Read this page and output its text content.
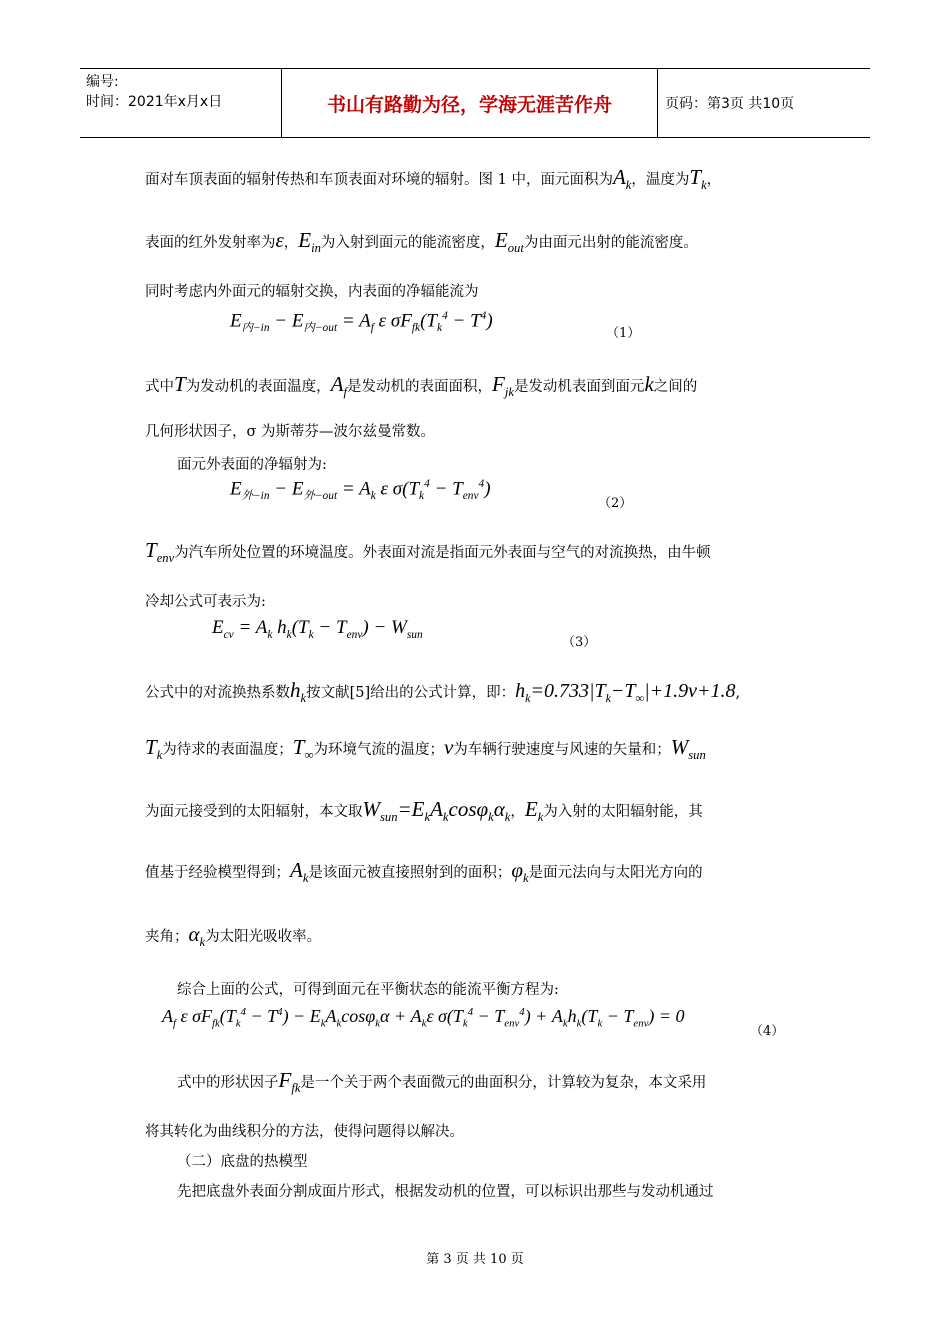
编号:
时间：2021年x月x日	书山有路勤为径，学海无涯苦作舟	页码：第3页 共10页
面对车顶表面的辐射传热和车顶表面对环境的辐射。图 1 中，面元面积为$A_k$，温度为$T_k$，
表面的红外发射率为ε，$E_{in}$为入射到面元的能流密度，$E_{out}$为由面元出射的能流密度。
同时考虑内外面元的辐射交换，内表面的净辐能流为
$E_{内-in} - E_{内-out} = A_f$ ε $\sigma F_{fk}(T_k^4 - T^4)$
（1）
式中T为发动机的表面温度，$A_f$是发动机的表面面积，$F_{jk}$是发动机表面到面元k之间的
几何形状因子，σ 为斯蒂芬—波尔兹曼常数。
面元外表面的净辐射为:
$E_{外-in} - E_{外-out} = A_k$ ε $\sigma(T_k^4 - T_{env}^4)$
（2）
$T_{env}$为汽车所处位置的环境温度。外表面对流是指面元外表面与空气的对流换热，由牛顿
冷却公式可表示为:
$E_{cv} = A_k$ $h_k(T_k - T_{env}) - W_{sun}$
（3）
公式中的对流换热系数$h_k$按文献[5]给出的公式计算，即：$h_k=0.733|T_k-T_\infty|+1.9v+1.8$,
$T_k$为待求的表面温度；$T_\infty$为环境气流的温度；v为车辆行驶速度与风速的矢量和；$W_{sun}$
为面元接受到的太阳辐射，本文取$W_{sun}=E_kA_k\cos\varphi_k\alpha_k$，$E_k$为入射的太阳辐射能，其
值基于经验模型得到；$A_k$是该面元被直接照射到的面积；$\varphi_k$是面元法向与太阳光方向的
夹角；$\alpha_k$为太阳光吸收率。
综合上面的公式，可得到面元在平衡状态的能流平衡方程为:
$A_f$ ε $\sigma F_{fk}(T_k^4 - T^4) - E_kA_k\cos\varphi_k\alpha + A_k\varepsilon$ $\sigma(T_k^4 - T_{env}^4) + A_kh_k(T_k - T_{env}) = 0$
（4）
式中的形状因子$F_{fk}$是一个关于两个表面微元的曲面积分，计算较为复杂，本文采用
将其转化为曲线积分的方法，使得问题得以解决。
（二）底盘的热模型
先把底盘外表面分割成面片形式，根据发动机的位置，可以标识出那些与发动机通过
第 3 页 共 10 页
